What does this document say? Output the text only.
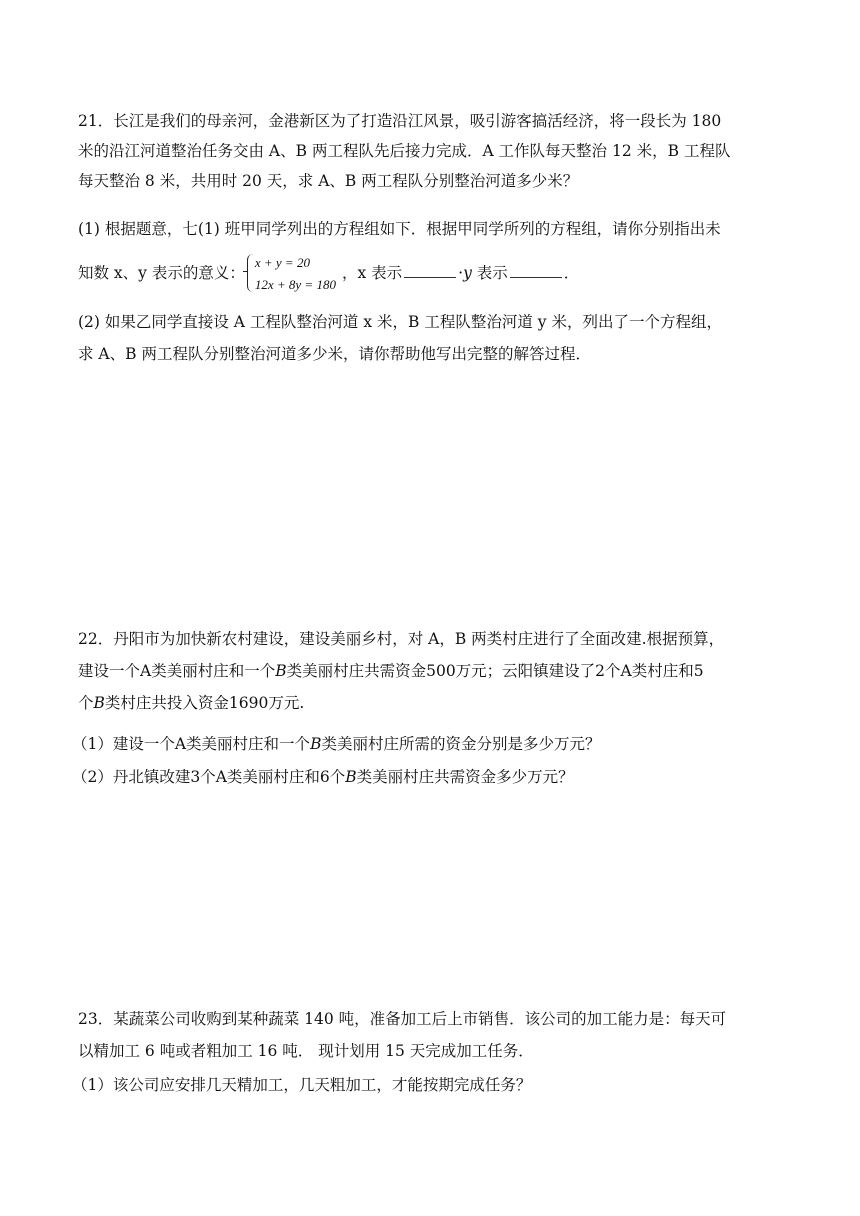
21．长江是我们的母亲河，金港新区为了打造沿江风景，吸引游客搞活经济，将一段长为 180
米的沿江河道整治任务交由 A、B 两工程队先后接力完成．A 工作队每天整治 12 米，B 工程队
每天整治 8 米，共用时 20 天，求 A、B 两工程队分别整治河道多少米？
(1) 根据题意，七(1) 班甲同学列出的方程组如下．根据甲同学所列的方程组，请你分别指出未
知数 x、y 表示的意义：
x + y = 20
12x + 8y = 180
，x 表示	·y 表示	．
(2) 如果乙同学直接设 A 工程队整治河道 x 米，B 工程队整治河道 y 米，列出了一个方程组，
求 A、B 两工程队分别整治河道多少米，请你帮助他写出完整的解答过程．
22．丹阳市为加快新农村建设，建设美丽乡村，对 A，B 两类村庄进行了全面改建.根据预算，
建设一个A类美丽村庄和一个B类美丽村庄共需资金500万元；云阳镇建设了2个A类村庄和5
个B类村庄共投入资金1690万元.
（1）建设一个A类美丽村庄和一个B类美丽村庄所需的资金分别是多少万元？
（2）丹北镇改建3个A类美丽村庄和6个B类美丽村庄共需资金多少万元？
23．某蔬菜公司收购到某种蔬菜 140 吨，准备加工后上市销售．该公司的加工能力是：每天可
以精加工 6 吨或者粗加工 16 吨． 现计划用 15 天完成加工任务．
（1）该公司应安排几天精加工，几天粗加工，才能按期完成任务？
